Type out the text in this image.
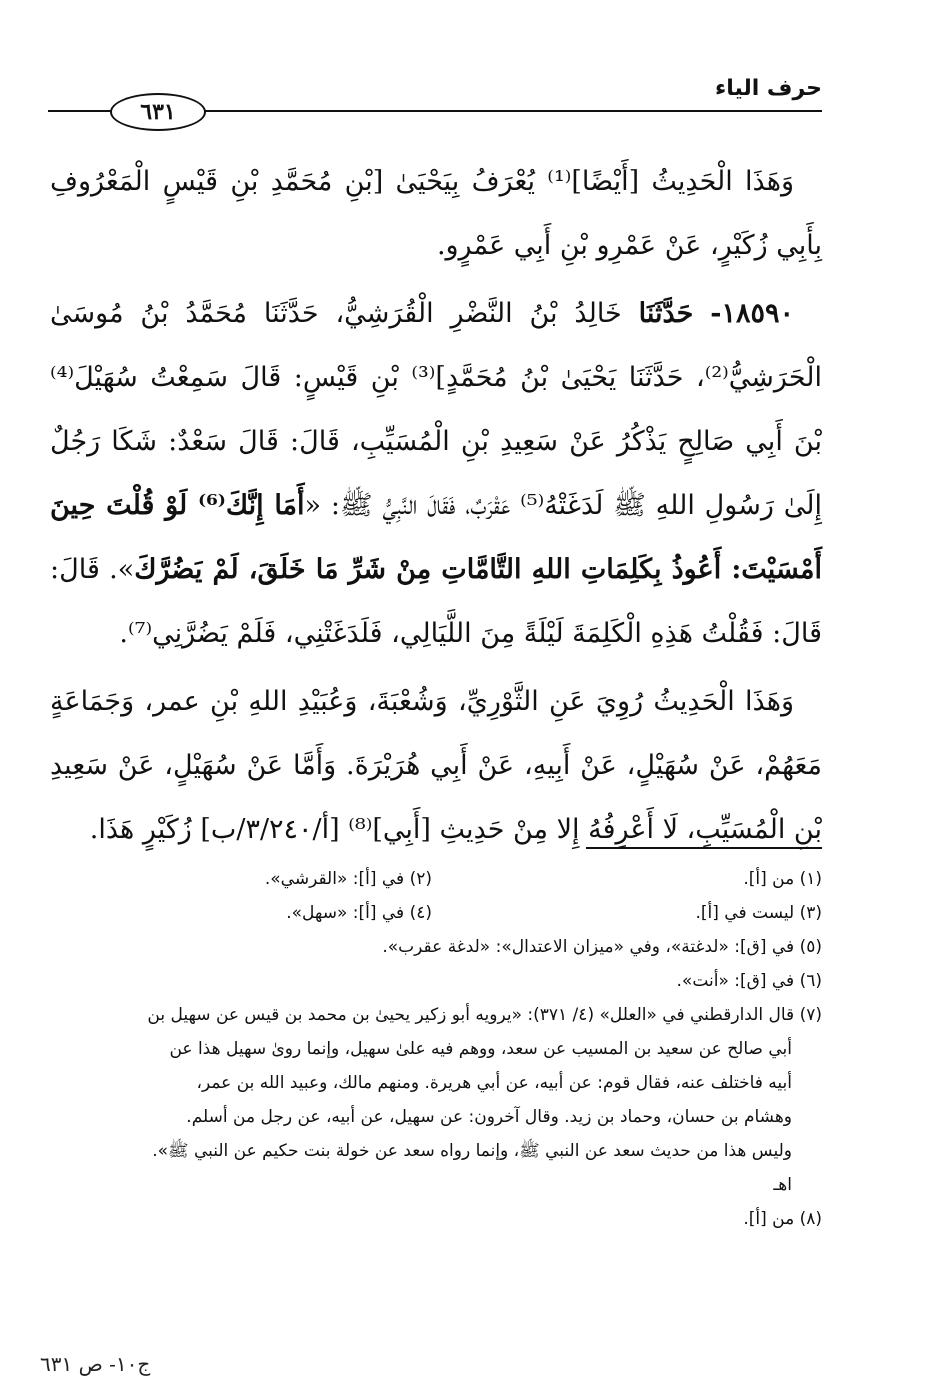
حرف الياء
٦٣١

وَهَذَا الْحَدِيثُ [أَيْضًا]⁽¹⁾ يُعْرَفُ بِيَحْيَىٰ [بْنِ مُحَمَّدِ بْنِ قَيْسٍ الْمَعْرُوفِ بِأَبِي زُكَيْرٍ، عَنْ عَمْرِو بْنِ أَبِي عَمْرٍو.

١٨٥٩٠- حَدَّثَنَا خَالِدُ بْنُ النَّضْرِ الْقُرَشِيُّ، حَدَّثَنَا مُحَمَّدُ بْنُ مُوسَىٰ الْحَرَشِيُّ⁽²⁾، حَدَّثَنَا يَحْيَىٰ بْنُ مُحَمَّدٍ]⁽³⁾ بْنِ قَيْسٍ: قَالَ سَمِعْتُ سُهَيْلَ⁽⁴⁾ بْنَ أَبِي صَالِحٍ يَذْكُرُ عَنْ سَعِيدِ بْنِ الْمُسَيِّبِ، قَالَ: قَالَ سَعْدٌ: شَكَا رَجُلٌ إِلَىٰ رَسُولِ اللهِ ﷺ لَدَغَتْهُ⁽⁵⁾ عَقْرَبٌ، فَقَالَ النَّبِيُّ ﷺ: «أَمَا إِنَّكَ⁽⁶⁾ لَوْ قُلْتَ حِينَ أَمْسَيْتَ: أَعُوذُ بِكَلِمَاتِ اللهِ التَّامَّاتِ مِنْ شَرِّ مَا خَلَقَ، لَمْ يَضُرَّكَ». قَالَ: قَالَ: فَقُلْتُ هَذِهِ الْكَلِمَةَ لَيْلَةً مِنَ اللَّيَالِي، فَلَدَغَتْنِي، فَلَمْ يَضُرَّنِي⁽⁷⁾.

وَهَذَا الْحَدِيثُ رُوِيَ عَنِ الثَّوْرِيِّ، وَشُعْبَةَ، وَعُبَيْدِ اللهِ بْنِ عمر، وَجَمَاعَةٍ مَعَهُمْ، عَنْ سُهَيْلٍ، عَنْ أَبِيهِ، عَنْ أَبِي هُرَيْرَةَ. وَأَمَّا عَنْ سُهَيْلٍ، عَنْ سَعِيدِ بْنِ الْمُسَيِّبِ، لَا أَعْرِفُهُ إِلا مِنْ حَدِيثِ [أَبِي]⁽⁸⁾ [أ/٣/٢٤٠/ب] زُكَيْرٍ هَذَا.

(١) من [أ].
(٢) في [أ]: «القرشي».
(٣) ليست في [أ].
(٤) في [أ]: «سهل».
(٥) في [ق]: «لدغتة»، وفي «ميزان الاعتدال»: «لدغة عقرب».
(٦) في [ق]: «أنت».
(٧) قال الدارقطني في «العلل» (٤/ ٣٧١): «يرويه أبو زكير يحيىٰ بن محمد بن قيس عن سهيل بن
أبي صالح عن سعيد بن المسيب عن سعد، ووهم فيه علىٰ سهيل، وإنما روىٰ سهيل هذا عن
أبيه فاختلف عنه، فقال قوم: عن أبيه، عن أبي هريرة. ومنهم مالك، وعبيد الله بن عمر،
وهشام بن حسان، وحماد بن زيد. وقال آخرون: عن سهيل، عن أبيه، عن رجل من أسلم.
وليس هذا من حديث سعد عن النبي ﷺ، وإنما رواه سعد عن خولة بنت حكيم عن النبي ﷺ».
اهـ
(٨) من [أ].
ج١٠- ص ٦٣١
